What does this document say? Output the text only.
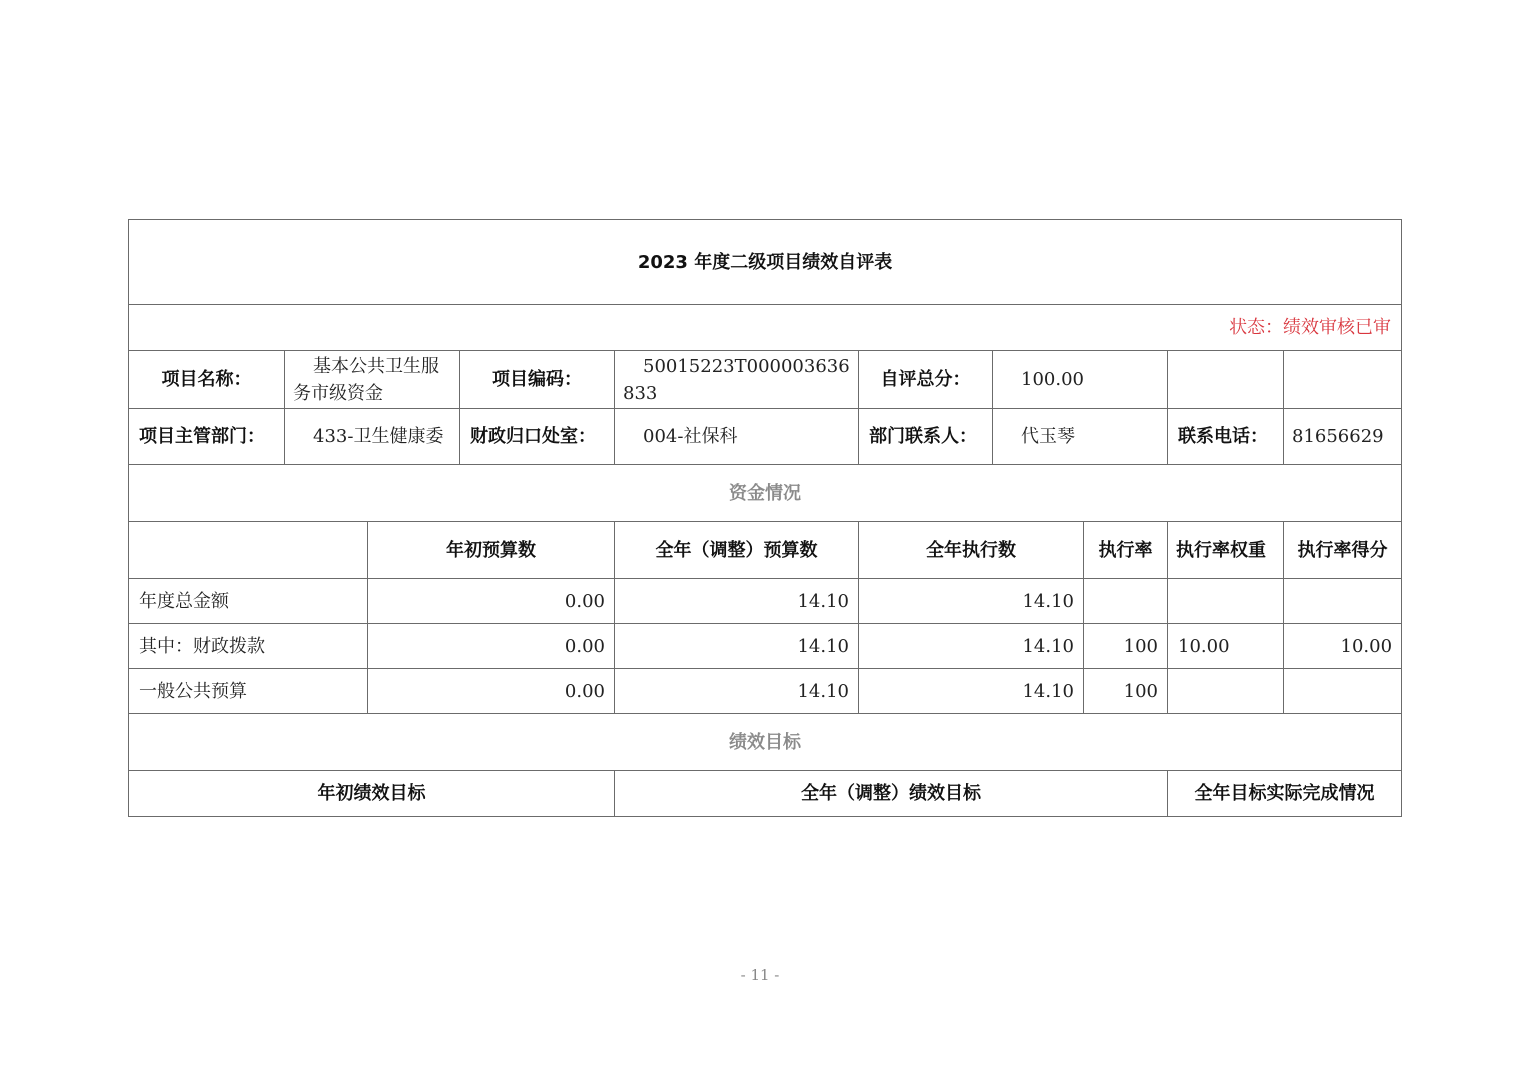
2023 年度二级项目绩效自评表									
状态：绩效审核已审									
项目名称：	基本公共卫生服务市级资金		项目编码：	50015223T000003636833	自评总分：	100.00			
项目主管部门：	433-卫生健康委		财政归口处室：	004-社保科	部门联系人：	代玉琴		联系电话：	81656629
资金情况									
		年初预算数		全年（调整）预算数	全年执行数		执行率	执行率权重	执行率得分
年度总金额		0.00		14.10	14.10				
其中：财政拨款		0.00		14.10	14.10		100	10.00	10.00
一般公共预算		0.00		14.10	14.10		100		
绩效目标									
年初绩效目标				全年（调整）绩效目标				全年目标实际完成情况	
- 11 -
